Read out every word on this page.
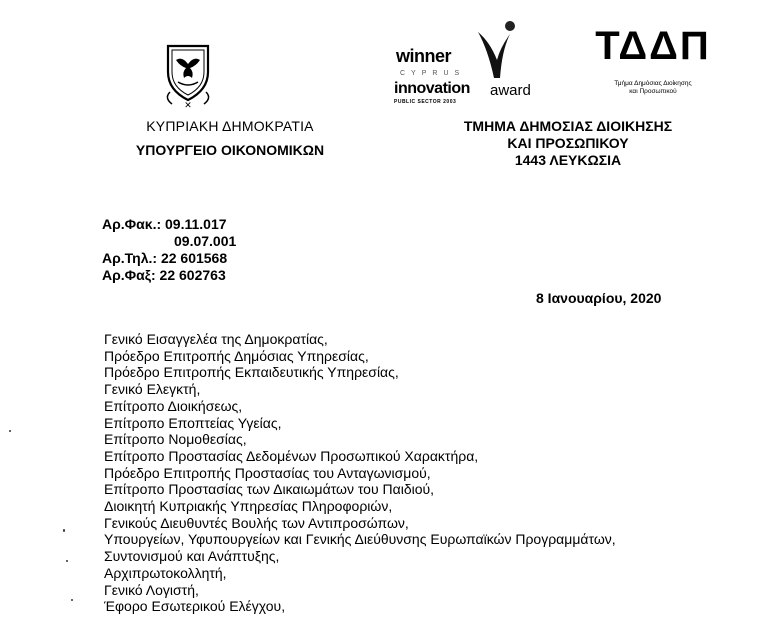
✕
ΚΥΠΡΙΑΚΗ ΔΗΜΟΚΡΑΤΙΑ
ΥΠΟΥΡΓΕΙΟ ΟΙΚΟΝΟΜΙΚΩΝ
winner
CYPRUS
innovation award
PUBLIC SECTOR 2003
ΤΔΔΠ
Τμήμα Δημόσιας Διοίκησης
και Προσωπικού
ΤΜΗΜΑ ΔΗΜΟΣΙΑΣ ΔΙΟΙΚΗΣΗΣ
ΚΑΙ ΠΡΟΣΩΠΙΚΟΥ
1443 ΛΕΥΚΩΣΙΑ
Αρ.Φακ.: 09.11.017
09.07.001
Αρ.Τηλ.: 22 601568
Αρ.Φαξ: 22 602763
8 Ιανουαρίου, 2020
Γενικό Εισαγγελέα της Δημοκρατίας,
Πρόεδρο Επιτροπής Δημόσιας Υπηρεσίας,
Πρόεδρο Επιτροπής Εκπαιδευτικής Υπηρεσίας,
Γενικό Ελεγκτή,
Επίτροπο Διοικήσεως,
Επίτροπο Εποπτείας Υγείας,
Επίτροπο Νομοθεσίας,
Επίτροπο Προστασίας Δεδομένων Προσωπικού Χαρακτήρα,
Πρόεδρο Επιτροπής Προστασίας του Ανταγωνισμού,
Επίτροπο Προστασίας των Δικαιωμάτων του Παιδιού,
Διοικητή Κυπριακής Υπηρεσίας Πληροφοριών,
Γενικούς Διευθυντές Βουλής των Αντιπροσώπων,
Υπουργείων, Υφυπουργείων και Γενικής Διεύθυνσης Ευρωπαϊκών Προγραμμάτων,
Συντονισμού και Ανάπτυξης,
Αρχιπρωτοκολλητή,
Γενικό Λογιστή,
Έφορο Εσωτερικού Ελέγχου,
